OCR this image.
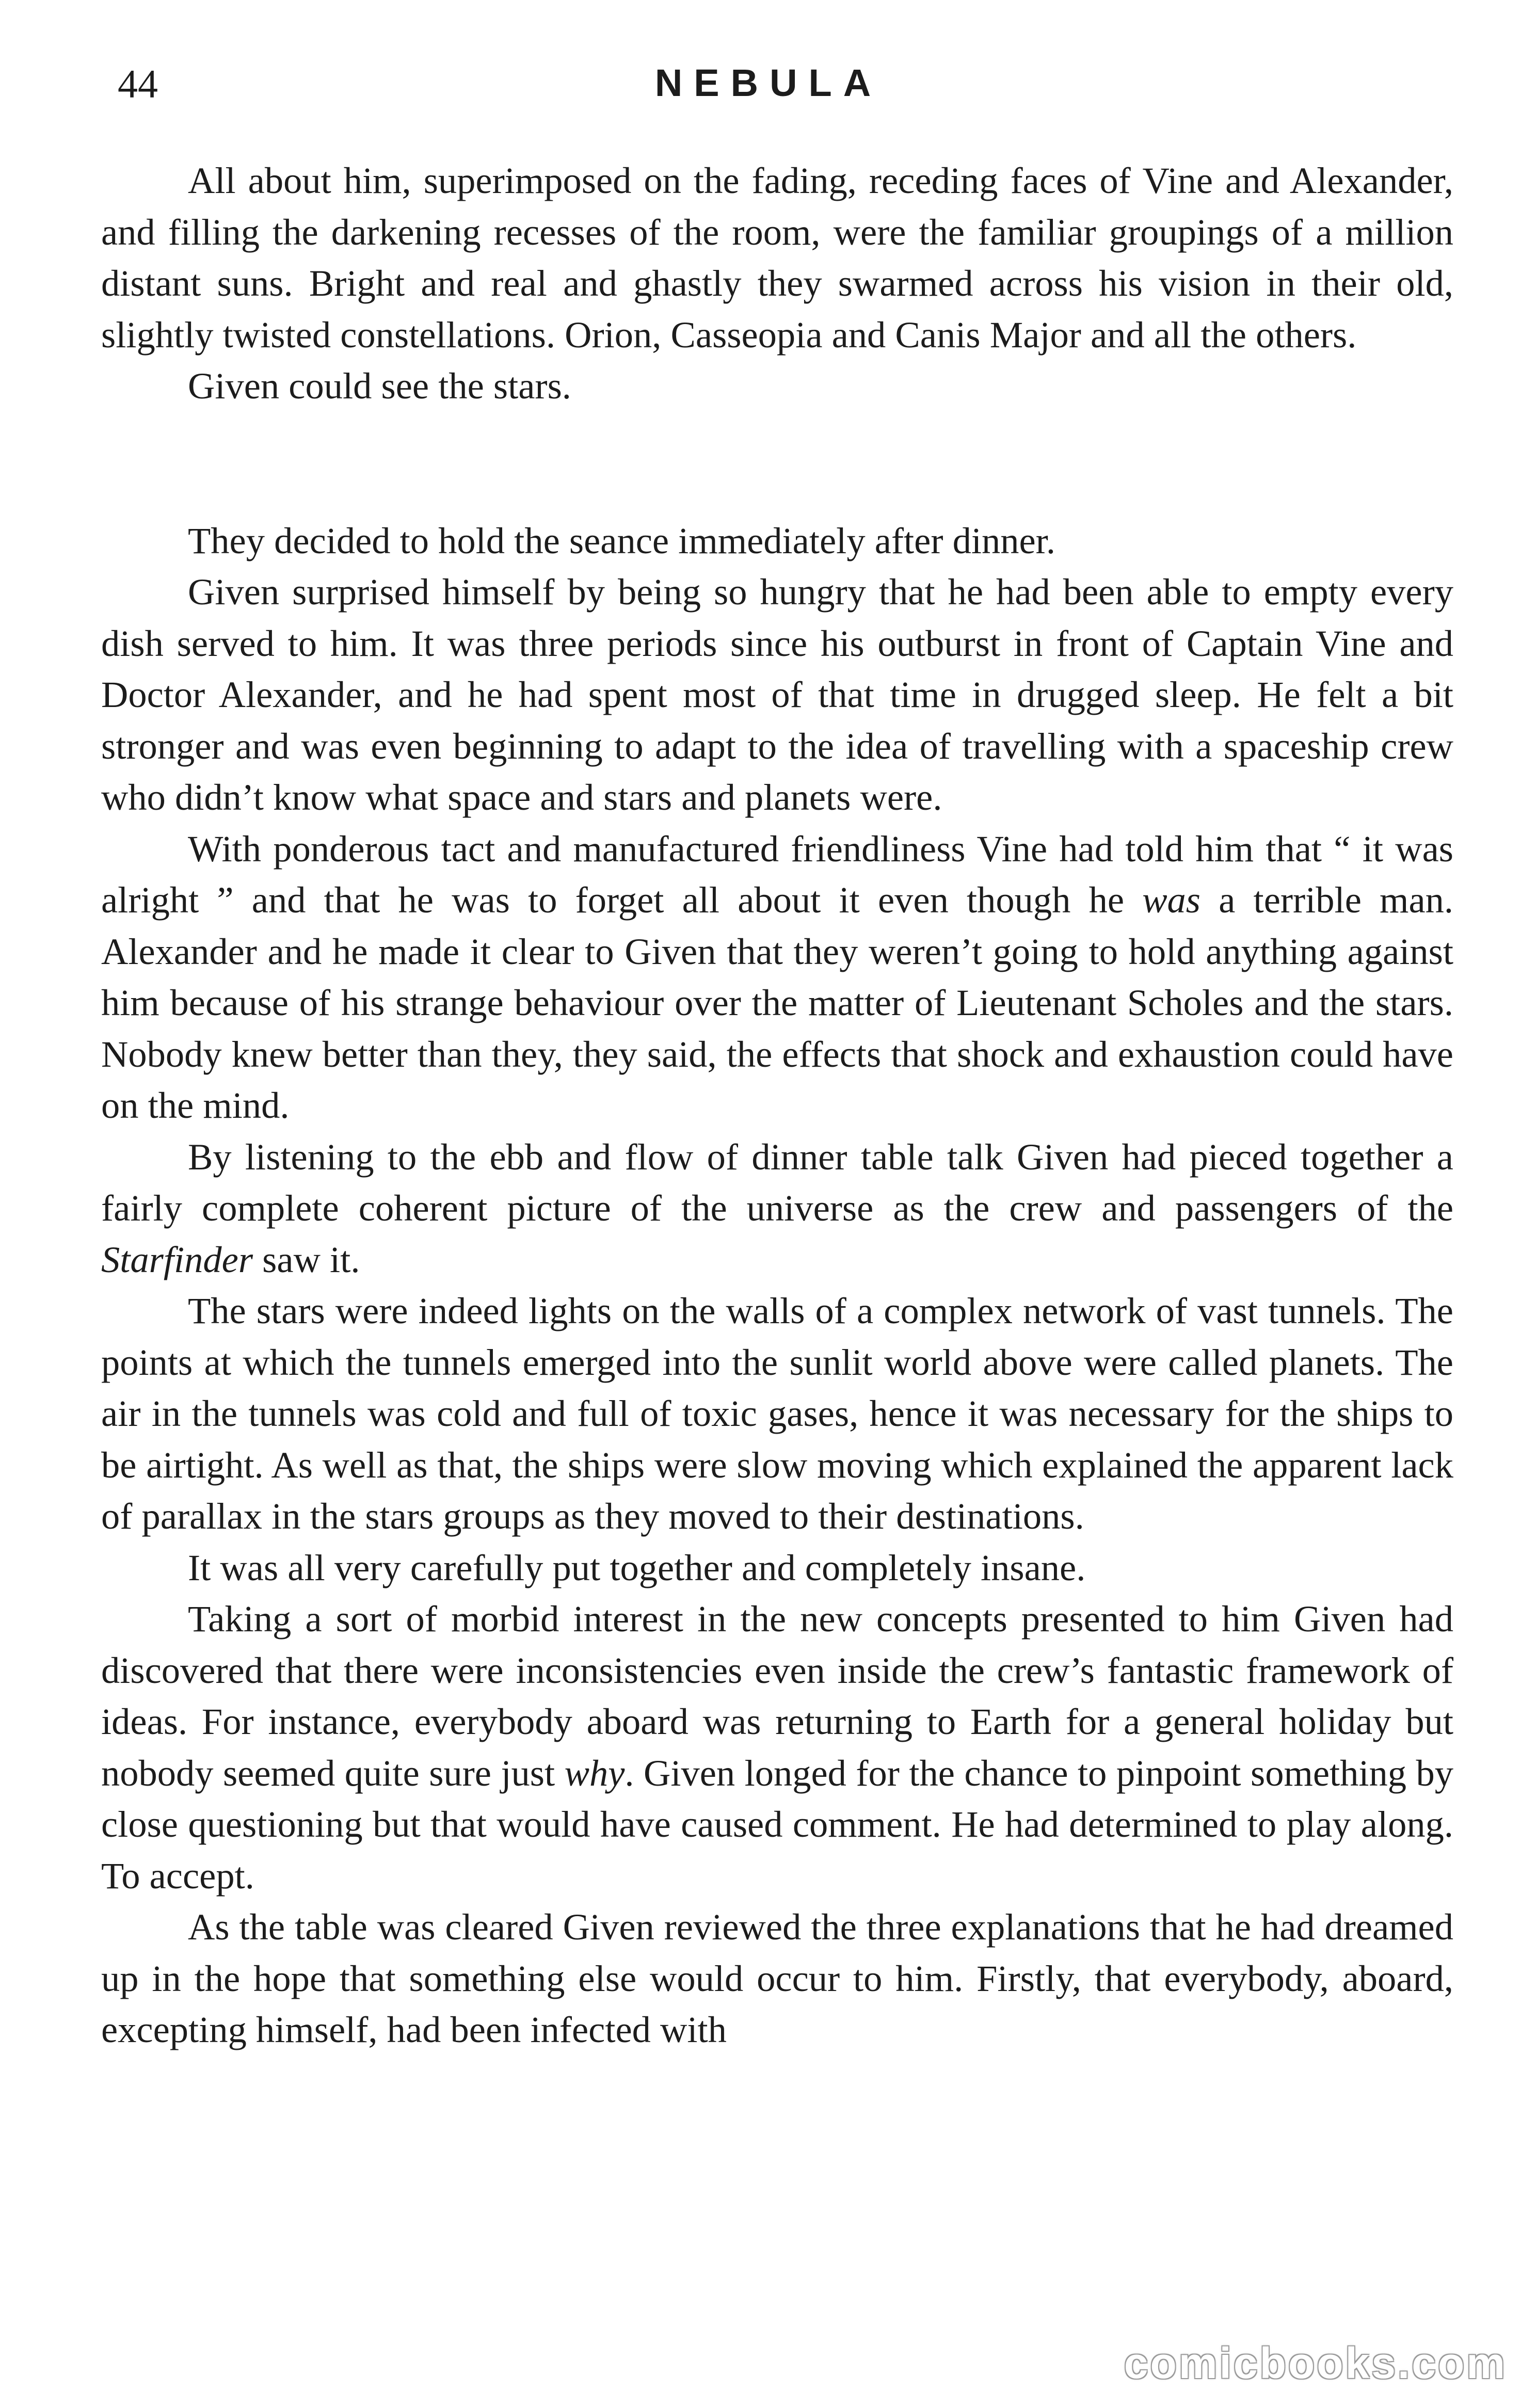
44	NEBULA

All about him, superimposed on the fading, receding faces of Vine and Alexander, and filling the darkening recesses of the room, were the familiar groupings of a million distant suns. Bright and real and ghastly they swarmed across his vision in their old, slightly twisted constellations. Orion, Casseopia and Canis Major and all the others.

Given could see the stars.

They decided to hold the seance immediately after dinner.

Given surprised himself by being so hungry that he had been able to empty every dish served to him. It was three periods since his outburst in front of Captain Vine and Doctor Alexander, and he had spent most of that time in drugged sleep. He felt a bit stronger and was even beginning to adapt to the idea of travelling with a spaceship crew who didn’t know what space and stars and planets were.

With ponderous tact and manufactured friendliness Vine had told him that “ it was alright ” and that he was to forget all about it even though he was a terrible man. Alexander and he made it clear to Given that they weren’t going to hold anything against him because of his strange behaviour over the matter of Lieutenant Scholes and the stars. Nobody knew better than they, they said, the effects that shock and exhaustion could have on the mind.

By listening to the ebb and flow of dinner table talk Given had pieced together a fairly complete coherent picture of the universe as the crew and passengers of the Starfinder saw it.

The stars were indeed lights on the walls of a complex network of vast tunnels. The points at which the tunnels emerged into the sunlit world above were called planets. The air in the tunnels was cold and full of toxic gases, hence it was necessary for the ships to be airtight. As well as that, the ships were slow moving which explained the apparent lack of parallax in the stars groups as they moved to their destinations.

It was all very carefully put together and completely insane.

Taking a sort of morbid interest in the new concepts presented to him Given had discovered that there were inconsistencies even inside the crew’s fantastic framework of ideas. For instance, everybody aboard was returning to Earth for a general holiday but nobody seemed quite sure just why. Given longed for the chance to pinpoint something by close questioning but that would have caused comment. He had determined to play along. To accept.

As the table was cleared Given reviewed the three explanations that he had dreamed up in the hope that something else would occur to him. Firstly, that everybody, aboard, excepting himself, had been infected with

comicbooks.com
